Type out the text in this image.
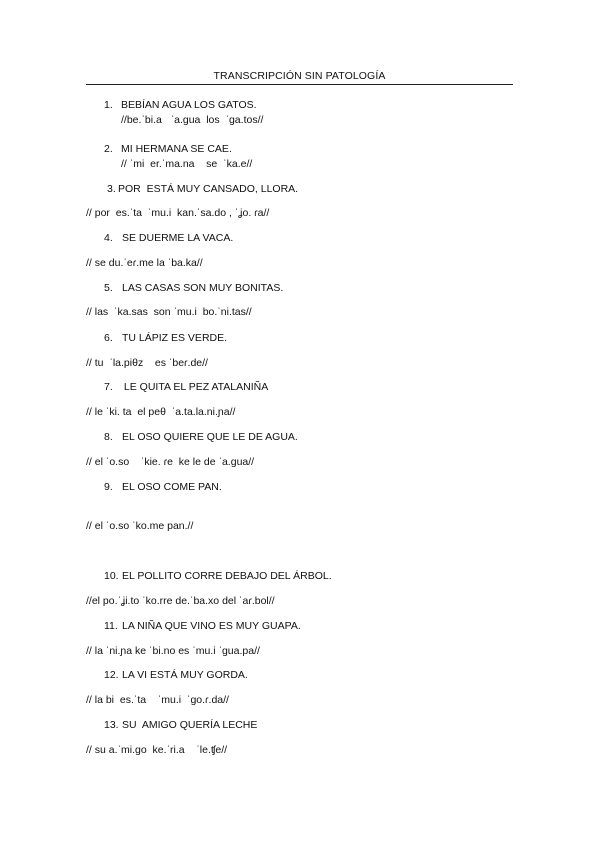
TRANSCRIPCIÓN SIN PATOLOGÍA
1. BEBÍAN AGUA LOS GATOS.
//be.ˈbi.a   ˈa.gua  los  ˈga.tos//
2. MI HERMANA SE CAE.
// ˈmi  er.ˈma.na    se  ˈka.e//
3. POR  ESTÁ MUY CANSADO, LLORA.
// por  es.ˈta  ˈmu.i  kan.ˈsa.do , ˈʝo. ɾa//
4. SE DUERME LA VACA.
// se du.ˈeɾ.me la ˈba.ka//
5. LAS CASAS SON MUY BONITAS.
// las  ˈka.sas  son ˈmu.i  bo.ˈni.tas//
6. TU LÁPIZ ES VERDE.
// tu  ˈla.piθz    es ˈbeɾ.de//
7. LE QUITA EL PEZ ATALANIÑA
// le ˈki. ta  el peθ  ˈa.ta.la.ni.ɲa//
8. EL OSO QUIERE QUE LE DE AGUA.
// el ˈo.so    ˈkie. ɾe  ke le de ˈa.gua//
9. EL OSO COME PAN.
// el ˈo.so ˈko.me pan.//
10. EL POLLITO CORRE DEBAJO DEL ÁRBOL.
//el po.ˈʝi.to ˈko.rre de.ˈba.xo del ˈaɾ.bol//
11. LA NIÑA QUE VINO ES MUY GUAPA.
// la ˈni.ɲa ke ˈbi.no es ˈmu.i ˈgua.pa//
12. LA VI ESTÁ MUY GORDA.
// la bi  es.ˈta    ˈmu.i  ˈgo.ɾ.da//
13. SU  AMIGO QUERÍA LECHE
// su a.ˈmi.go  ke.ˈri.a    ˈle.ʧe//
